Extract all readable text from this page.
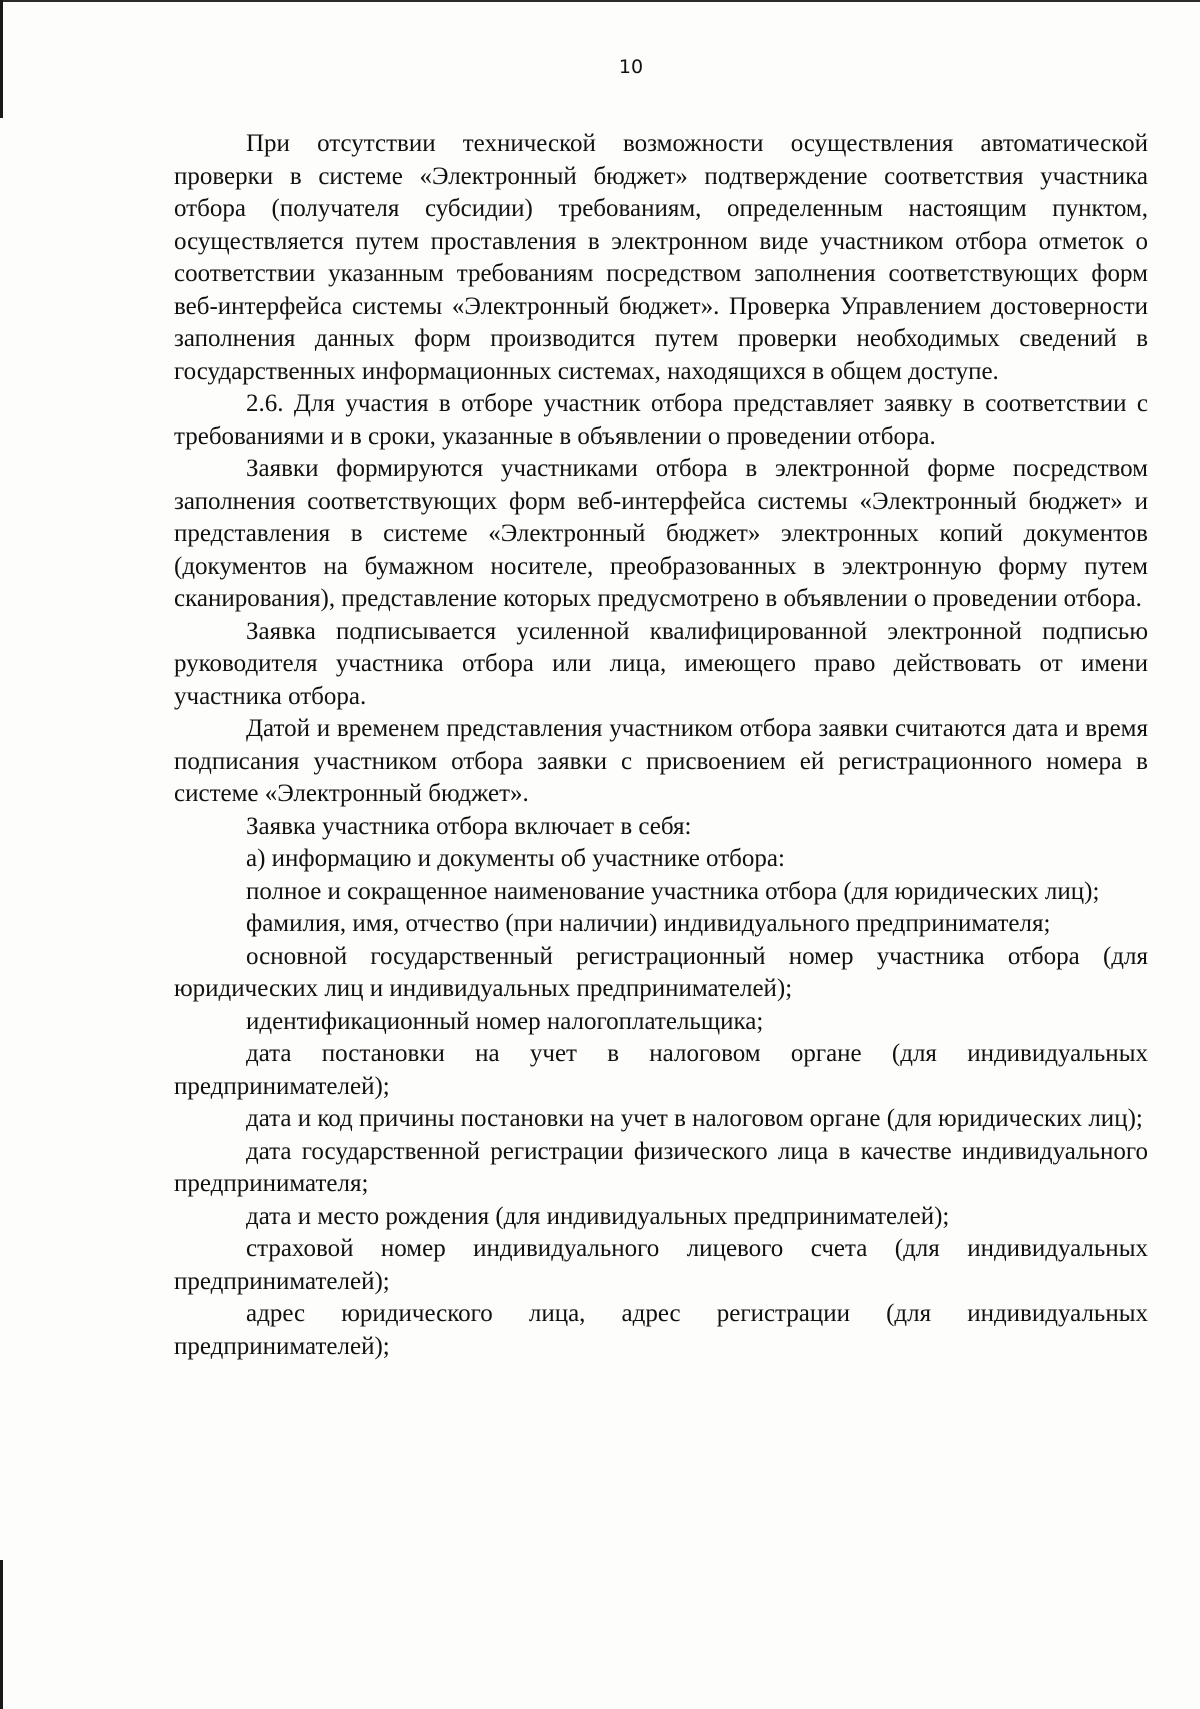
10

При отсутствии технической возможности осуществления автоматической проверки в системе «Электронный бюджет» подтверждение соответствия участника отбора (получателя субсидии) требованиям, определенным настоящим пунктом, осуществляется путем проставления в электронном виде участником отбора отметок о соответствии указанным требованиям посредством заполнения соответствующих форм веб-интерфейса системы «Электронный бюджет». Проверка Управлением достоверности заполнения данных форм производится путем проверки необходимых сведений в государственных информационных системах, находящихся в общем доступе.

2.6. Для участия в отборе участник отбора представляет заявку в соответствии с требованиями и в сроки, указанные в объявлении о проведении отбора.

Заявки формируются участниками отбора в электронной форме посредством заполнения соответствующих форм веб-интерфейса системы «Электронный бюджет» и представления в системе «Электронный бюджет» электронных копий документов (документов на бумажном носителе, преобразованных в электронную форму путем сканирования), представление которых предусмотрено в объявлении о проведении отбора.

Заявка подписывается усиленной квалифицированной электронной подписью руководителя участника отбора или лица, имеющего право действовать от имени участника отбора.

Датой и временем представления участником отбора заявки считаются дата и время подписания участником отбора заявки с присвоением ей регистрационного номера в системе «Электронный бюджет».

Заявка участника отбора включает в себя:

а) информацию и документы об участнике отбора:

полное и сокращенное наименование участника отбора (для юридических лиц);

фамилия, имя, отчество (при наличии) индивидуального предпринимателя;

основной государственный регистрационный номер участника отбора (для юридических лиц и индивидуальных предпринимателей);

идентификационный номер налогоплательщика;

дата постановки на учет в налоговом органе (для индивидуальных предпринимателей);

дата и код причины постановки на учет в налоговом органе (для юридических лиц);

дата государственной регистрации физического лица в качестве индивидуального предпринимателя;

дата и место рождения (для индивидуальных предпринимателей);

страховой номер индивидуального лицевого счета (для индивидуальных предпринимателей);

адрес юридического лица, адрес регистрации (для индивидуальных предпринимателей);
